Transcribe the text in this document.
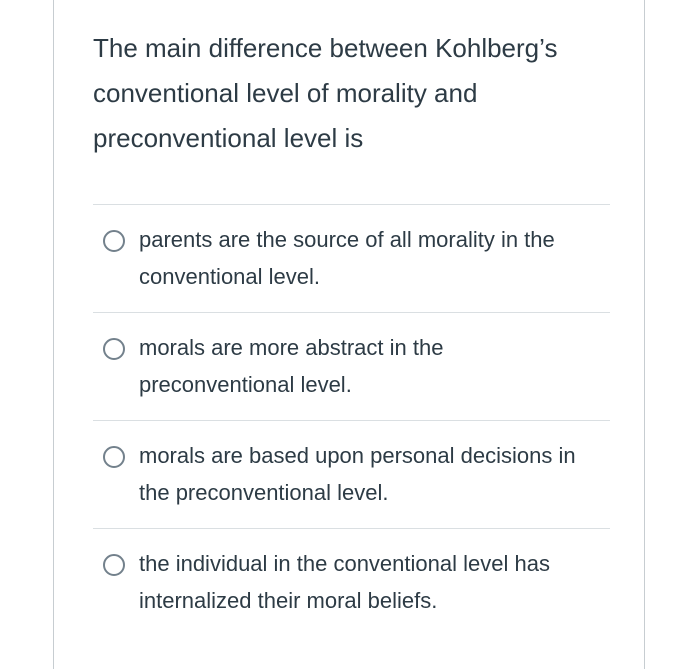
The main difference between Kohlberg’s conventional level of morality and preconventional level is
parents are the source of all morality in the conventional level.
morals are more abstract in the preconventional level.
morals are based upon personal decisions in the preconventional level.
the individual in the conventional level has internalized their moral beliefs.
